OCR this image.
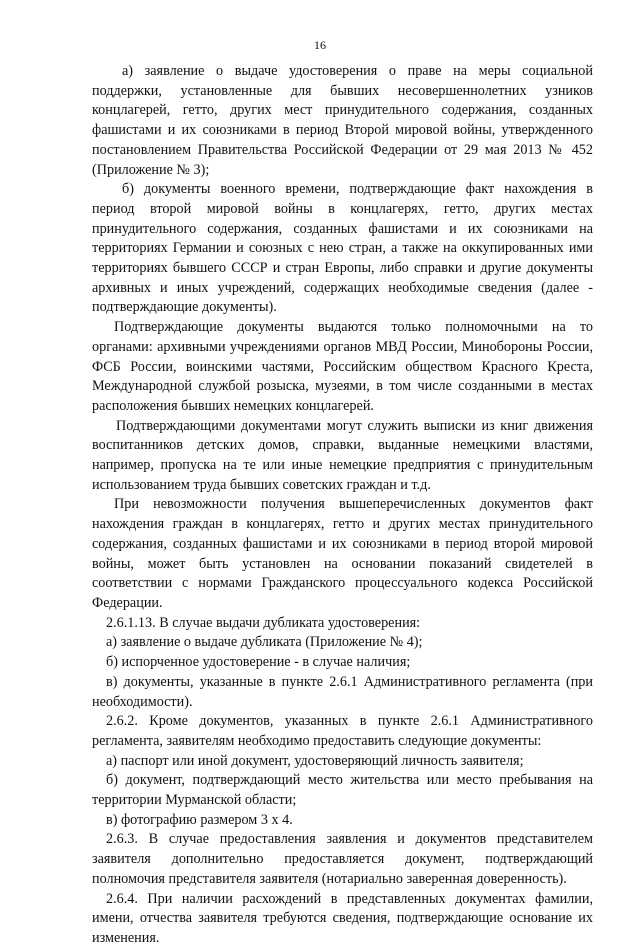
16

а) заявление о выдаче удостоверения о праве на меры социальной поддержки, установленные для бывших несовершеннолетних узников концлагерей, гетто, других мест принудительного содержания, созданных фашистами и их союзниками в период Второй мировой войны, утвержденного постановлением Правительства Российской Федерации от 29 мая 2013 № 452 (Приложение № 3);

б) документы военного времени, подтверждающие факт нахождения в период второй мировой войны в концлагерях, гетто, других местах принудительного содержания, созданных фашистами и их союзниками на территориях Германии и союзных с нею стран, а также на оккупированных ими территориях бывшего СССР и стран Европы, либо справки и другие документы архивных и иных учреждений, содержащих необходимые сведения (далее - подтверждающие документы).

Подтверждающие документы выдаются только полномочными на то органами: архивными учреждениями органов МВД России, Минобороны России, ФСБ России, воинскими частями, Российским обществом Красного Креста, Международной службой розыска, музеями, в том числе созданными в местах расположения бывших немецких концлагерей.

Подтверждающими документами могут служить выписки из книг движения воспитанников детских домов, справки, выданные немецкими властями, например, пропуска на те или иные немецкие предприятия с принудительным использованием труда бывших советских граждан и т.д.

При невозможности получения вышеперечисленных документов факт нахождения граждан в концлагерях, гетто и других местах принудительного содержания, созданных фашистами и их союзниками в период второй мировой войны, может быть установлен на основании показаний свидетелей в соответствии с нормами Гражданского процессуального кодекса Российской Федерации.

2.6.1.13. В случае выдачи дубликата удостоверения:

а) заявление о выдаче дубликата (Приложение № 4);

б) испорченное удостоверение - в случае наличия;

в) документы, указанные в пункте 2.6.1 Административного регламента (при необходимости).

2.6.2. Кроме документов, указанных в пункте 2.6.1 Административного регламента, заявителям необходимо предоставить следующие документы:

а) паспорт или иной документ, удостоверяющий личность заявителя;

б) документ, подтверждающий место жительства или место пребывания на территории Мурманской области;

в) фотографию размером 3 х 4.

2.6.3. В случае предоставления заявления и документов представителем заявителя дополнительно предоставляется документ, подтверждающий полномочия представителя заявителя (нотариально заверенная доверенность).

2.6.4. При наличии расхождений в представленных документах фамилии, имени, отчества заявителя требуются сведения, подтверждающие основание их изменения.
